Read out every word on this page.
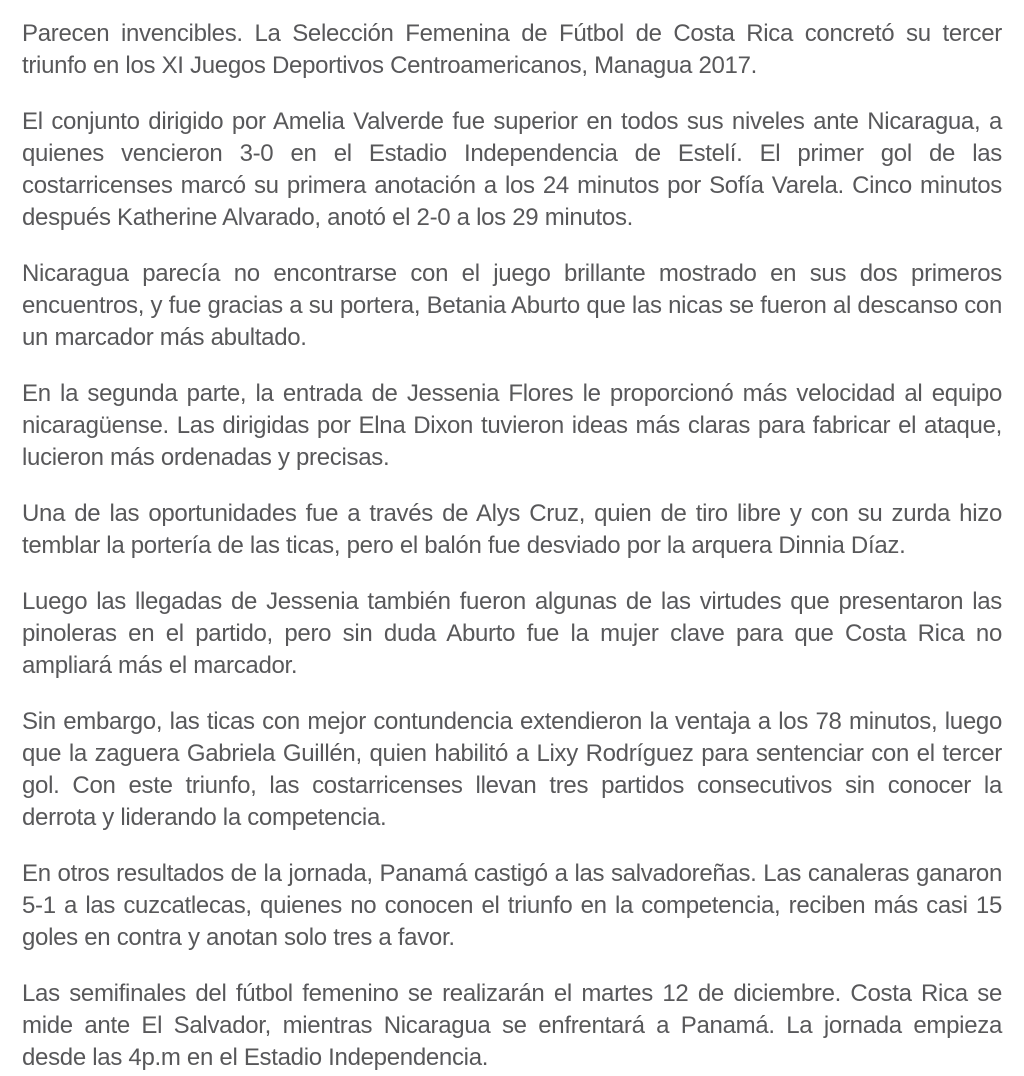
Parecen invencibles. La Selección Femenina de Fútbol de Costa Rica concretó su tercer triunfo en los XI Juegos Deportivos Centroamericanos, Managua 2017.

El conjunto dirigido por Amelia Valverde fue superior en todos sus niveles ante Nicaragua, a quienes vencieron 3-0 en el Estadio Independencia de Estelí. El primer gol de las costarricenses marcó su primera anotación a los 24 minutos por Sofía Varela. Cinco minutos después Katherine Alvarado, anotó el 2-0 a los 29 minutos.

Nicaragua parecía no encontrarse con el juego brillante mostrado en sus dos primeros encuentros, y fue gracias a su portera, Betania Aburto que las nicas se fueron al descanso con un marcador más abultado.

En la segunda parte, la entrada de Jessenia Flores le proporcionó más velocidad al equipo nicaragüense. Las dirigidas por Elna Dixon tuvieron ideas más claras para fabricar el ataque, lucieron más ordenadas y precisas.

Una de las oportunidades fue a través de Alys Cruz, quien de tiro libre y con su zurda hizo temblar la portería de las ticas, pero el balón fue desviado por la arquera Dinnia Díaz.

Luego las llegadas de Jessenia también fueron algunas de las virtudes que presentaron las pinoleras en el partido, pero sin duda Aburto fue la mujer clave para que Costa Rica no ampliará más el marcador.

Sin embargo, las ticas con mejor contundencia extendieron la ventaja a los 78 minutos, luego que la zaguera Gabriela Guillén, quien habilitó a Lixy Rodríguez para sentenciar con el tercer gol. Con este triunfo, las costarricenses llevan tres partidos consecutivos sin conocer la derrota y liderando la competencia.

En otros resultados de la jornada, Panamá castigó a las salvadoreñas. Las canaleras ganaron 5-1 a las cuzcatlecas, quienes no conocen el triunfo en la competencia, reciben más casi 15 goles en contra y anotan solo tres a favor.

Las semifinales del fútbol femenino se realizarán el martes 12 de diciembre. Costa Rica se mide ante El Salvador, mientras Nicaragua se enfrentará a Panamá. La jornada empieza desde las 4p.m en el Estadio Independencia.
